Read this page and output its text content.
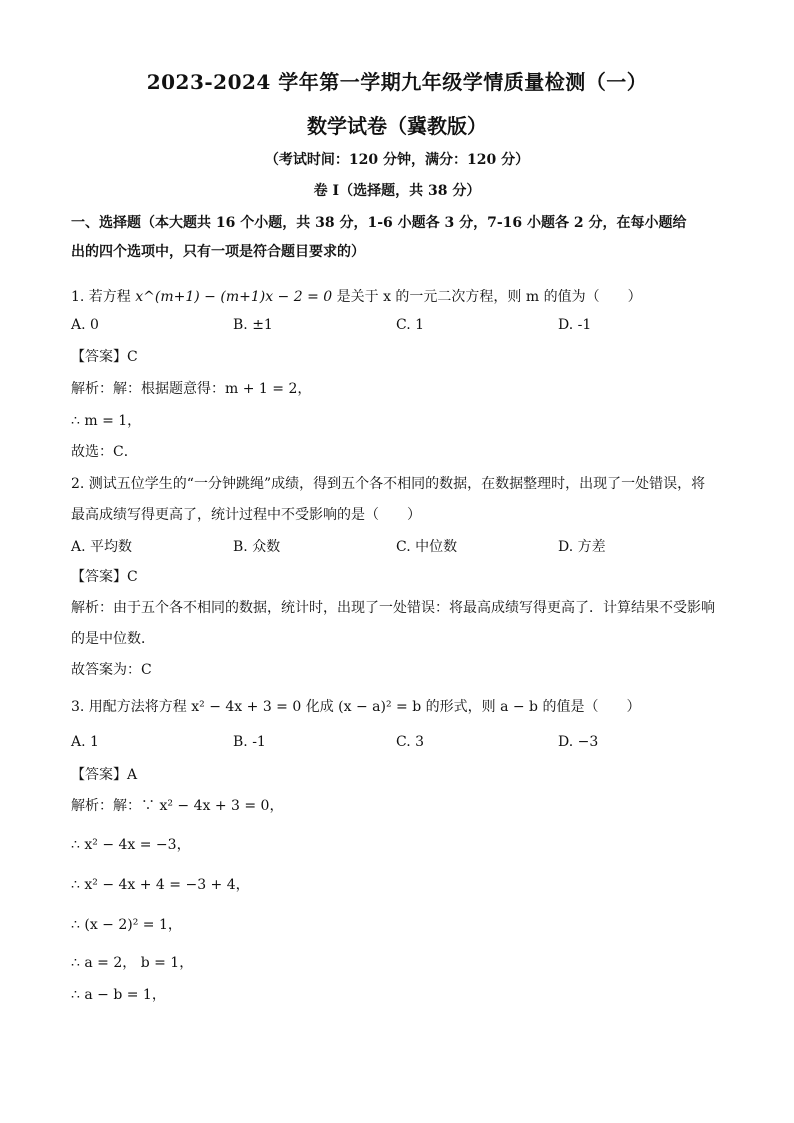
2023-2024 学年第一学期九年级学情质量检测（一）
数学试卷（冀教版）
（考试时间：120 分钟，满分：120 分）
卷 I（选择题，共 38 分）
一、选择题（本大题共 16 个小题，共 38 分，1-6 小题各 3 分，7-16 小题各 2 分，在每小题给
出的四个选项中，只有一项是符合题目要求的）
1. 若方程 x^(m+1) − (m+1)x − 2 = 0 是关于 x 的一元二次方程，则 m 的值为（　　）
A. 0	B. ±1	C. 1	D. -1
【答案】C
解析：解：根据题意得：m + 1 = 2，
∴ m = 1，
故选：C．
2. 测试五位学生的“一分钟跳绳”成绩，得到五个各不相同的数据，在数据整理时，出现了一处错误，将
最高成绩写得更高了，统计过程中不受影响的是（　　）
A. 平均数	B. 众数	C. 中位数	D. 方差
【答案】C
解析：由于五个各不相同的数据，统计时，出现了一处错误：将最高成绩写得更高了．计算结果不受影响
的是中位数．
故答案为：C
3. 用配方法将方程 x² − 4x + 3 = 0 化成 (x − a)² = b 的形式，则 a − b 的值是（　　）
A. 1	B. -1	C. 3	D. −3
【答案】A
解析：解：∵ x² − 4x + 3 = 0，
∴ x² − 4x = −3，
∴ x² − 4x + 4 = −3 + 4，
∴ (x − 2)² = 1，
∴ a = 2， b = 1，
∴ a − b = 1，
